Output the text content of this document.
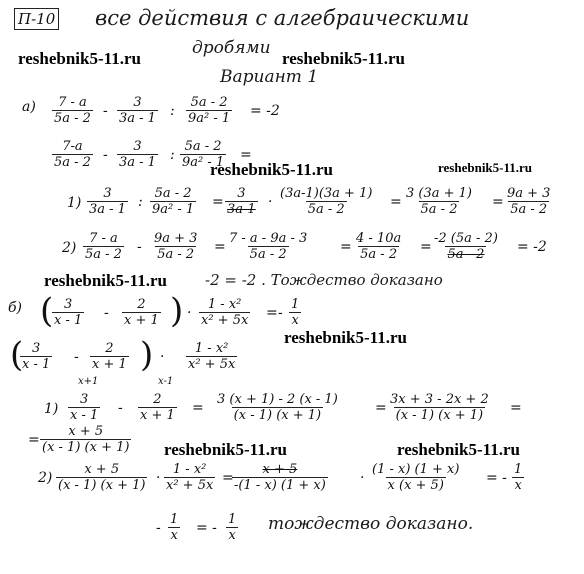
П-10 все действия с алгебраическими
дробями
Вариант 1
reshebnik5-11.ru	reshebnik5-11.ru
reshebnik5-11.ru	reshebnik5-11.ru
reshebnik5-11.ru
reshebnik5-11.ru
reshebnik5-11.ru	reshebnik5-11.ru
$а) \frac{7 - a}{5a - 2} - \frac{3}{3a - 1}$ : $\frac{5a - 2}{\text{9a² - 1}} = -2$
$\frac{7-a}{5a - 2} - \frac{3}{3a - 1}$ : $\frac{5a - 2}{\text{9a² - 1}}$ =
$1) \frac{3}{3a - 1}$ : $\frac{5a - 2}{\text{9a² - 1}} = \frac{3}{3a-1} \cdot \frac{(3a-1)(3a + 1)}{5a - 2} = \frac{3 (3a + 1)}{5a - 2} = \frac{9a + 3}{5a - 2}$
$2) \frac{7 - a}{5a - 2} - \frac{9a + 3}{5a - 2} = \frac{7 - a - 9a - 3}{5a - 2} = \frac{4 - 10a}{5a - 2} = \frac{-2 (5a - 2)}{5a - 2} = -2$
-2 = -2 . Тождество доказано
б) (
$\frac{3}{x - 1} - \frac{2}{x + 1}$ ) · $\frac{\text{1 - x²}}{\text{x² + 5x}}$ = - $\frac{1}{x}$
(
$\frac{3}{x - 1} - \frac{2}{x + 1}$ ) · $\frac{\text{1 - x²}}{\text{x² + 5x}}$
1)
x+1
$\frac{3}{x - 1}$ -
x-1
$\frac{2}{x + 1} = \frac{3 (x + 1) - 2 (x - 1)}{(x - 1) (x + 1)}$	= $\frac{3x + 3 - 2x + 2}{(x - 1) (x + 1)}$ =
= $\frac{x + 5}{(x - 1) (x + 1)}$
$2) \frac{x + 5}{(x - 1) (x + 1)} \cdot \frac{\text{1 - x²}}{\text{x² + 5x}}$ =
$\frac{x + 5}{-(1 - x) (1 + x)} \cdot \frac{(1 - x) (1 + x)}{x (x + 5)}$ = - $\frac{1}{x}$
- $\frac{1}{x}$ = - $\frac{1}{x}$ тождество доказано.
